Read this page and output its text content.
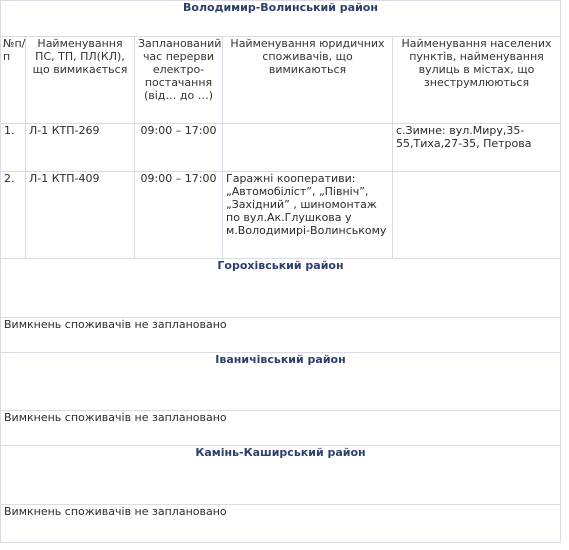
Володимир-Волинський район				
№п/п	Найменування ПС, ТП, ПЛ(КЛ), що вимикається	Запланований час перерви електро-постачання (від… до …)	Найменування юридичних споживачів, що вимикаються	Найменування населених пунктів, найменування вулиць в містах, що знеструмлюються
1.	Л-1 КТП-269	09:00 – 17:00		с.Зимне: вул.Миру,35-55,Тиха,27-35, Петрова
2.	Л-1 КТП-409	09:00 – 17:00	Гаражні кооперативи: „Автомобіліст”, „Північ”, „Західний” , шиномонтаж по вул.Ак.Глушкова у м.Володимирі-Волинському	
Горохівський район				
Вимкнень споживачів не заплановано				
Іваничівський район				
Вимкнень споживачів не заплановано				
Камінь-Каширський район				
Вимкнень споживачів не заплановано				
